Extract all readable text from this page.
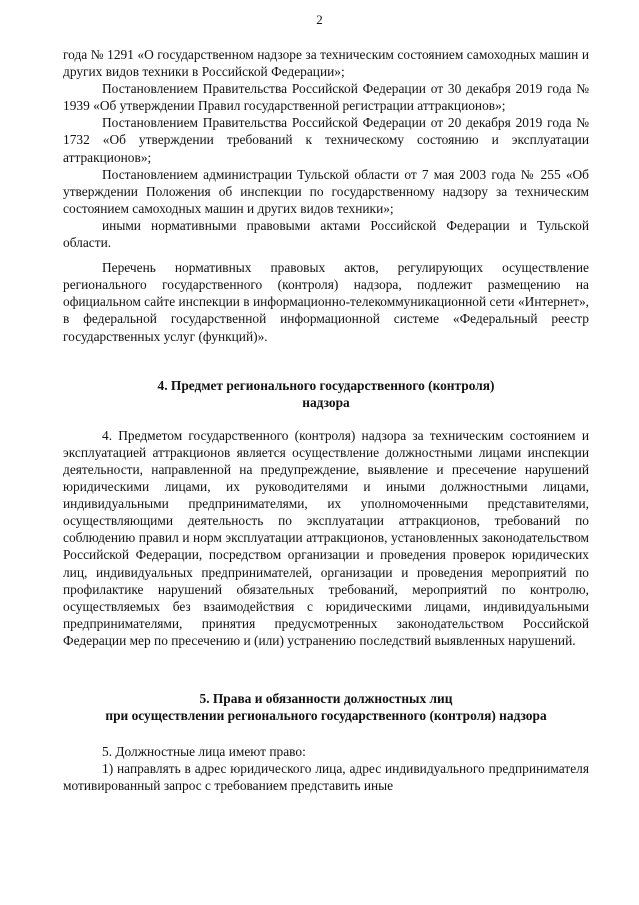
2

года № 1291 «О государственном надзоре за техническим состоянием самоходных машин и других видов техники в Российской Федерации»;

Постановлением Правительства Российской Федерации от 30 декабря 2019 года № 1939 «Об утверждении Правил государственной регистрации аттракционов»;

Постановлением Правительства Российской Федерации от 20 декабря 2019 года № 1732 «Об утверждении требований к техническому состоянию и эксплуатации аттракционов»;

Постановлением администрации Тульской области от 7 мая 2003 года № 255 «Об утверждении Положения об инспекции по государственному надзору за техническим состоянием самоходных машин и других видов техники»;

иными нормативными правовыми актами Российской Федерации и Тульской области.

Перечень нормативных правовых актов, регулирующих осуществление регионального государственного (контроля) надзора, подлежит размещению на официальном сайте инспекции в информационно-телекоммуникационной сети «Интернет», в федеральной государственной информационной системе «Федеральный реестр государственных услуг (функций)».

4. Предмет регионального государственного (контроля)
надзора

4. Предметом государственного (контроля) надзора за техническим состоянием и эксплуатацией аттракционов является осуществление должностными лицами инспекции деятельности, направленной на предупреждение, выявление и пресечение нарушений юридическими лицами, их руководителями и иными должностными лицами, индивидуальными предпринимателями, их уполномоченными представителями, осуществляющими деятельность по эксплуатации аттракционов, требований по соблюдению правил и норм эксплуатации аттракционов, установленных законодательством Российской Федерации, посредством организации и проведения проверок юридических лиц, индивидуальных предпринимателей, организации и проведения мероприятий по профилактике нарушений обязательных требований, мероприятий по контролю, осуществляемых без взаимодействия с юридическими лицами, индивидуальными предпринимателями, принятия предусмотренных законодательством Российской Федерации мер по пресечению и (или) устранению последствий выявленных нарушений.

5. Права и обязанности должностных лиц
при осуществлении регионального государственного (контроля) надзора

5. Должностные лица имеют право:

1) направлять в адрес юридического лица, адрес индивидуального предпринимателя мотивированный запрос с требованием представить иные
